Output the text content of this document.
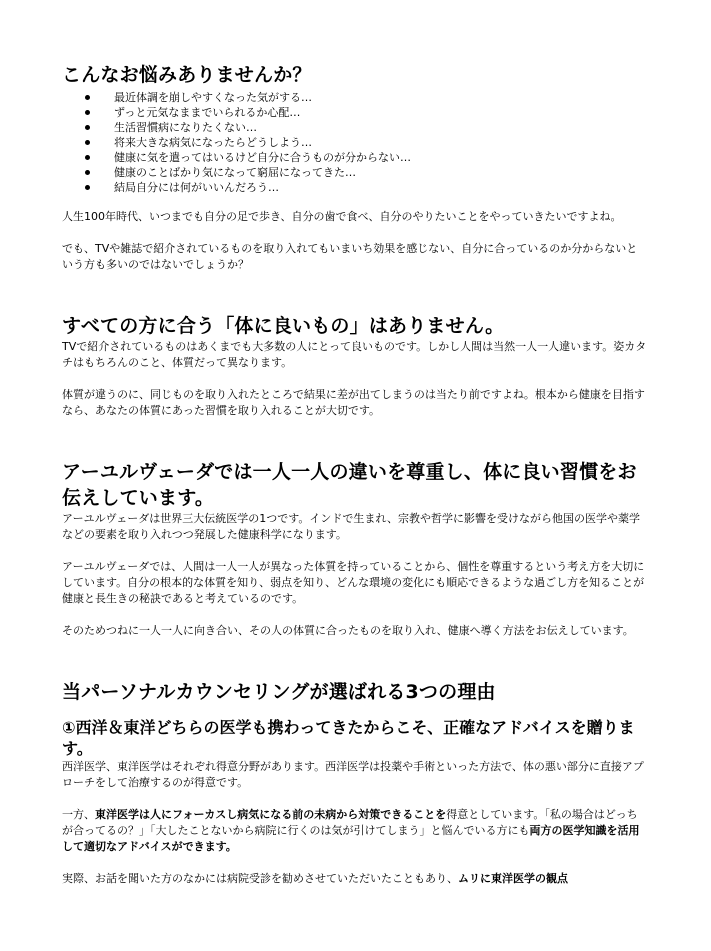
こんなお悩みありませんか？
最近体調を崩しやすくなった気がする…
ずっと元気なままでいられるか心配…
生活習慣病になりたくない…
将来大きな病気になったらどうしよう…
健康に気を遣ってはいるけど自分に合うものが分からない…
健康のことばかり気になって窮屈になってきた…
結局自分には何がいいんだろう…

人生100年時代、いつまでも自分の足で歩き、自分の歯で食べ、自分のやりたいことをやっていきたいですよね。

でも、TVや雑誌で紹介されているものを取り入れてもいまいち効果を感じない、自分に合っているのか分からないという方も多いのではないでしょうか？

すべての方に合う「体に良いもの」はありません。

TVで紹介されているものはあくまでも大多数の人にとって良いものです。しかし人間は当然一人一人違います。姿カタチはもちろんのこと、体質だって異なります。

体質が違うのに、同じものを取り入れたところで結果に差が出てしまうのは当たり前ですよね。根本から健康を目指すなら、あなたの体質にあった習慣を取り入れることが大切です。

アーユルヴェーダでは一人一人の違いを尊重し、体に良い習慣をお伝えしています。

アーユルヴェーダは世界三大伝統医学の1つです。インドで生まれ、宗教や哲学に影響を受けながら他国の医学や薬学などの要素を取り入れつつ発展した健康科学になります。

アーユルヴェーダでは、人間は一人一人が異なった体質を持っていることから、個性を尊重するという考え方を大切にしています。自分の根本的な体質を知り、弱点を知り、どんな環境の変化にも順応できるような過ごし方を知ることが健康と長生きの秘訣であると考えているのです。

そのためつねに一人一人に向き合い、その人の体質に合ったものを取り入れ、健康へ導く方法をお伝えしています。

当パーソナルカウンセリングが選ばれる3つの理由
①西洋＆東洋どちらの医学も携わってきたからこそ、正確なアドバイスを贈ります。

西洋医学、東洋医学はそれぞれ得意分野があります。西洋医学は投薬や手術といった方法で、体の悪い部分に直接アプローチをして治療するのが得意です。

一方、東洋医学は人にフォーカスし病気になる前の未病から対策できることを得意としています。「私の場合はどっちが合ってるの？」「大したことないから病院に行くのは気が引けてしまう」と悩んでいる方にも両方の医学知識を活用して適切なアドバイスができます。

実際、お話を聞いた方のなかには病院受診を勧めさせていただいたこともあり、ムリに東洋医学の観点
